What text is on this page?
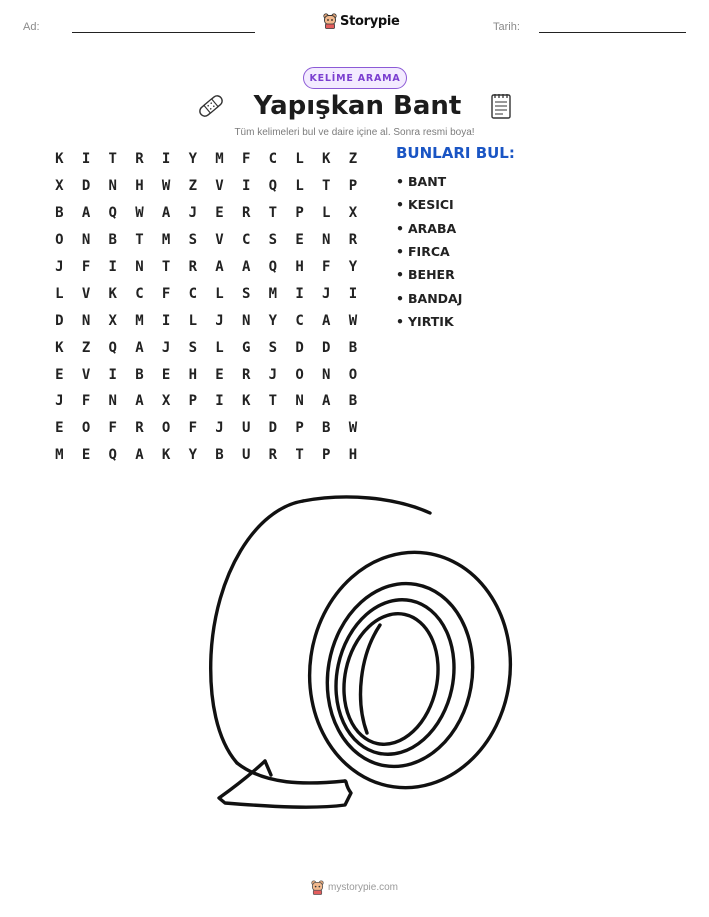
Ad:	Storypie	Tarih:
KELİME ARAMA
Yapışkan Bant

Tüm kelimeleri bul ve daire içine al. Sonra resmi boya!

K	I	T	R	I	Y	M	F	C	L	K	Z
X	D	N	H	W	Z	V	I	Q	L	T	P
B	A	Q	W	A	J	E	R	T	P	L	X
O	N	B	T	M	S	V	C	S	E	N	R
J	F	I	N	T	R	A	A	Q	H	F	Y
L	V	K	C	F	C	L	S	M	I	J	I
D	N	X	M	I	L	J	N	Y	C	A	W
K	Z	Q	A	J	S	L	G	S	D	D	B
E	V	I	B	E	H	E	R	J	O	N	O
J	F	N	A	X	P	I	K	T	N	A	B
E	O	F	R	O	F	J	U	D	P	B	W
M	E	Q	A	K	Y	B	U	R	T	P	H
BUNLARI BUL:
• BANT
• KESICI
• ARABA
• FIRCA
• BEHER
• BANDAJ
• YIRTIK
mystorypie.com
